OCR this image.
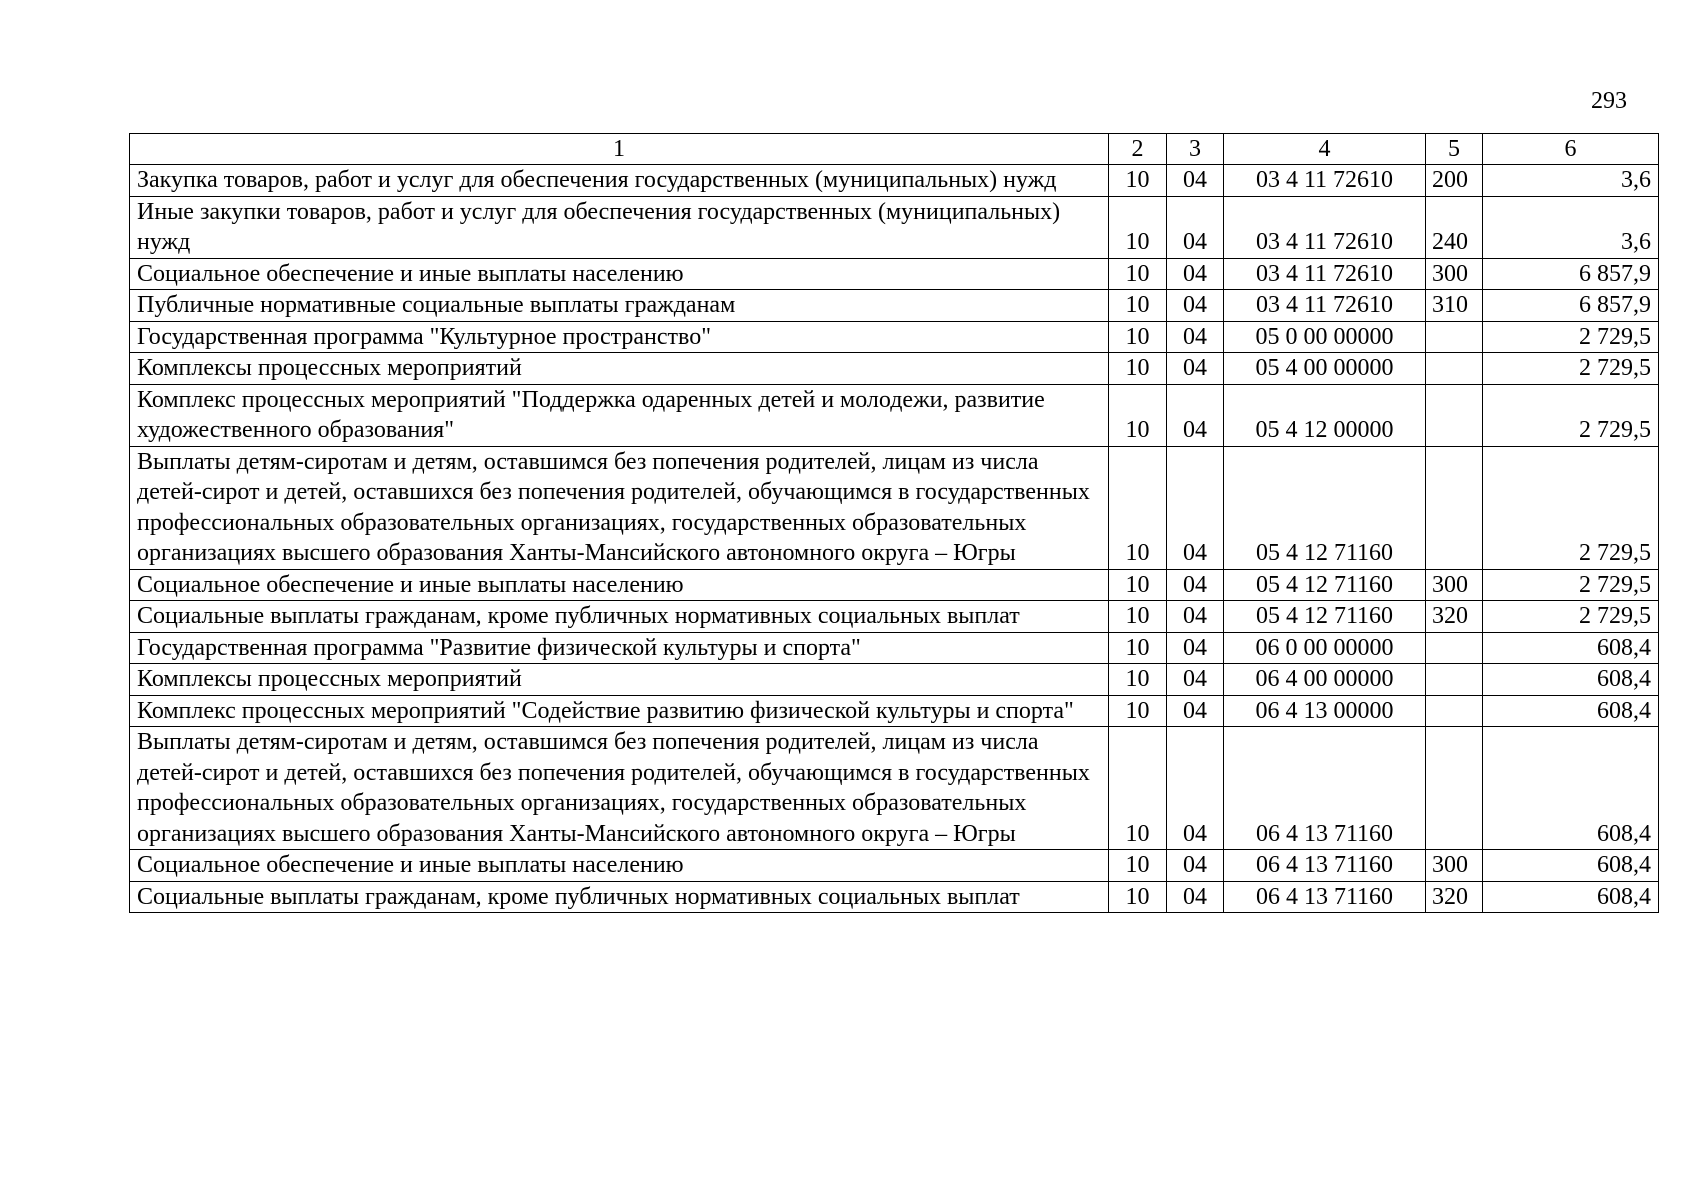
293
1	2	3	4	5	6
Закупка товаров, работ и услуг для обеспечения государственных (муниципальных) нужд	10	04	03 4 11 72610	200	3,6
Иные закупки товаров, работ и услуг для обеспечения государственных (муниципальных) нужд	10	04	03 4 11 72610	240	3,6
Социальное обеспечение и иные выплаты населению	10	04	03 4 11 72610	300	6 857,9
Публичные нормативные социальные выплаты гражданам	10	04	03 4 11 72610	310	6 857,9
Государственная программа "Культурное пространство"	10	04	05 0 00 00000		2 729,5
Комплексы процессных мероприятий	10	04	05 4 00 00000		2 729,5
Комплекс процессных мероприятий "Поддержка одаренных детей и молодежи, развитие художественного образования"	10	04	05 4 12 00000		2 729,5
Выплаты детям-сиротам и детям, оставшимся без попечения родителей, лицам из числа детей-сирот и детей, оставшихся без попечения родителей, обучающимся в государственных профессиональных образовательных организациях, государственных образовательных организациях высшего образования Ханты-Мансийского автономного округа – Югры	10	04	05 4 12 71160		2 729,5
Социальное обеспечение и иные выплаты населению	10	04	05 4 12 71160	300	2 729,5
Социальные выплаты гражданам, кроме публичных нормативных социальных выплат	10	04	05 4 12 71160	320	2 729,5
Государственная программа "Развитие физической культуры и спорта"	10	04	06 0 00 00000		608,4
Комплексы процессных мероприятий	10	04	06 4 00 00000		608,4
Комплекс процессных мероприятий "Содействие развитию физической культуры и спорта"	10	04	06 4 13 00000		608,4
Выплаты детям-сиротам и детям, оставшимся без попечения родителей, лицам из числа детей-сирот и детей, оставшихся без попечения родителей, обучающимся в государственных профессиональных образовательных организациях, государственных образовательных организациях высшего образования Ханты-Мансийского автономного округа – Югры	10	04	06 4 13 71160		608,4
Социальное обеспечение и иные выплаты населению	10	04	06 4 13 71160	300	608,4
Социальные выплаты гражданам, кроме публичных нормативных социальных выплат	10	04	06 4 13 71160	320	608,4
